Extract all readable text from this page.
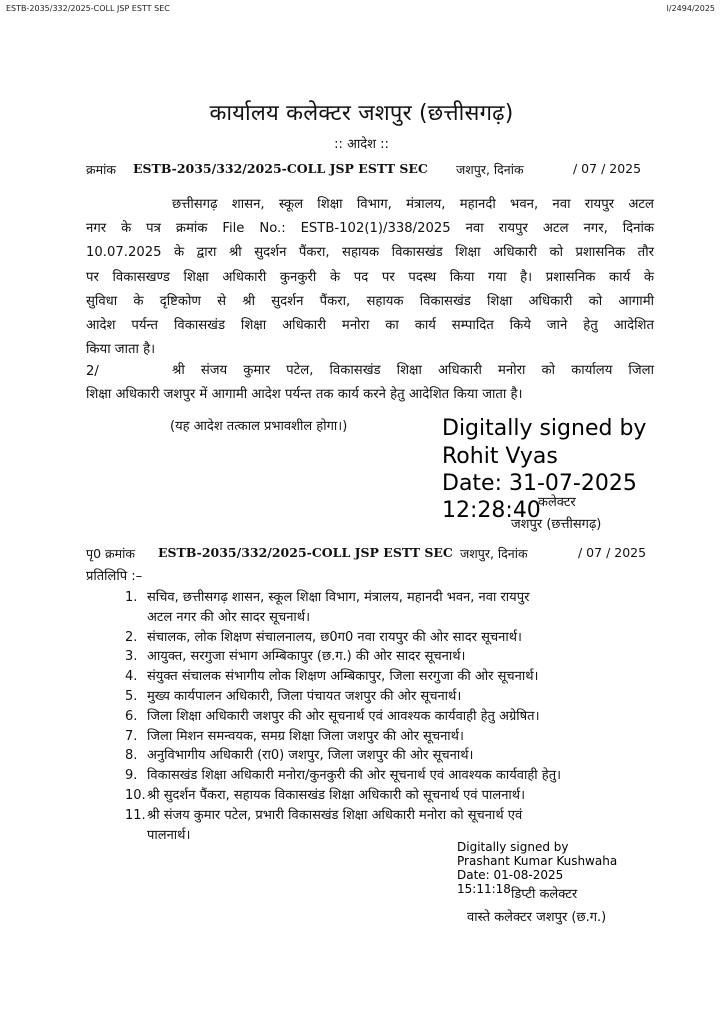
ESTB-2035/332/2025-COLL JSP ESTT SEC	I/2494/2025
कार्यालय कलेक्टर जशपुर (छत्तीसगढ़)
:: आदेश ::
क्रमांक ESTB-2035/332/2025-COLL JSP ESTT SEC जशपुर, दिनांक	/ 07 / 2025
छत्तीसगढ़ शासन, स्कूल शिक्षा विभाग, मंत्रालय, महानदी भवन, नवा रायपुर अटल
नगर के पत्र क्रमांक File No.: ESTB-102(1)/338/2025 नवा रायपुर अटल नगर, दिनांक
10.07.2025 के द्वारा श्री सुदर्शन पैंकरा, सहायक विकासखंड शिक्षा अधिकारी को प्रशासनिक तौर
पर विकासखण्ड शिक्षा अधिकारी कुनकुरी के पद पर पदस्थ किया गया है। प्रशासनिक कार्य के
सुविधा के दृष्टिकोण से श्री सुदर्शन पैंकरा, सहायक विकासखंड शिक्षा अधिकारी को आगामी
आदेश पर्यन्त विकासखंड शिक्षा अधिकारी मनोरा का कार्य सम्पादित किये जाने हेतु आदेशित
किया जाता है।
2/	श्री संजय कुमार पटेल, विकासखंड शिक्षा अधिकारी मनोरा को कार्यालय जिला
शिक्षा अधिकारी जशपुर में आगामी आदेश पर्यन्त तक कार्य करने हेतु आदेशित किया जाता है।
(यह आदेश तत्काल प्रभावशील होगा।)	Digitally signed by
Rohit Vyas
Date: 31-07-2025
12:28:40
कलेक्टर
जशपुर (छत्तीसगढ़)
पृ0 क्रमांक ESTB-2035/332/2025-COLL JSP ESTT SEC जशपुर, दिनांक	/ 07 / 2025
प्रतिलिपि :–
1. सचिव, छत्तीसगढ़ शासन, स्कूल शिक्षा विभाग, मंत्रालय, महानदी भवन, नवा रायपुर
अटल नगर की ओर सादर सूचनार्थ।
2. संचालक, लोक शिक्षण संचालनालय, छ0ग0 नवा रायपुर की ओर सादर सूचनार्थ।
3. आयुक्त, सरगुजा संभाग अम्बिकापुर (छ.ग.) की ओर सादर सूचनार्थ।
4. संयुक्त संचालक संभागीय लोक शिक्षण अम्बिकापुर, जिला सरगुजा की ओर सूचनार्थ।
5. मुख्य कार्यपालन अधिकारी, जिला पंचायत जशपुर की ओर सूचनार्थ।
6. जिला शिक्षा अधिकारी जशपुर की ओर सूचनार्थ एवं आवश्यक कार्यवाही हेतु अग्रेषित।
7. जिला मिशन समन्वयक, समग्र शिक्षा जिला जशपुर की ओर सूचनार्थ।
8. अनुविभागीय अधिकारी (रा0) जशपुर, जिला जशपुर की ओर सूचनार्थ।
9. विकासखंड शिक्षा अधिकारी मनोरा/कुनकुरी की ओर सूचनार्थ एवं आवश्यक कार्यवाही हेतु।
10. श्री सुदर्शन पैंकरा, सहायक विकासखंड शिक्षा अधिकारी को सूचनार्थ एवं पालनार्थ।
11. श्री संजय कुमार पटेल, प्रभारी विकासखंड शिक्षा अधिकारी मनोरा को सूचनार्थ एवं
पालनार्थ।
Digitally signed by
Prashant Kumar Kushwaha
Date: 01-08-2025
15:11:18 डिप्टी कलेक्टर
वास्ते कलेक्टर जशपुर (छ.ग.)
